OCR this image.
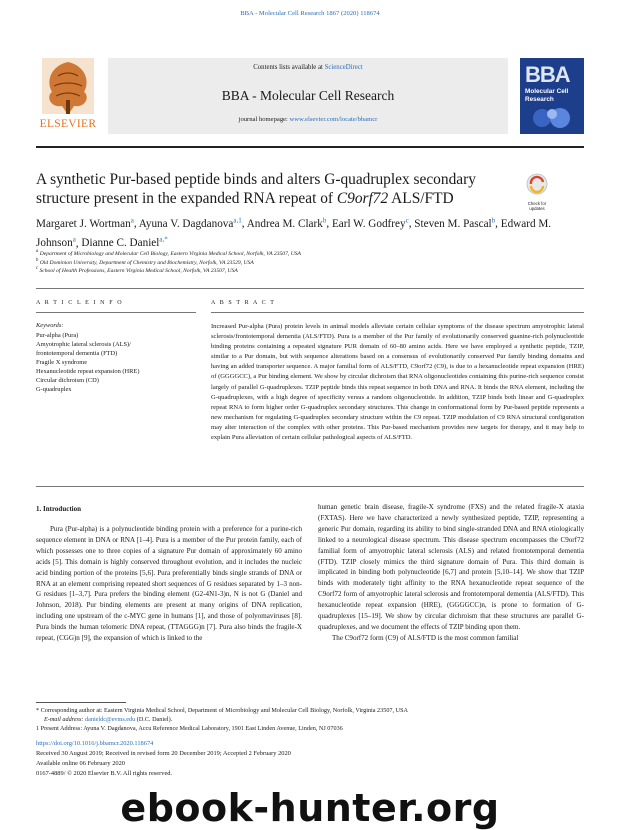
BBA - Molecular Cell Research 1867 (2020) 118674
ELSEVIER
Contents lists available at ScienceDirect
BBA - Molecular Cell Research
journal homepage: www.elsevier.com/locate/bbamcr
BBA
Molecular Cell Research
A synthetic Pur-based peptide binds and alters G-quadruplex secondary structure present in the expanded RNA repeat of C9orf72 ALS/FTD	Check for updates
Margaret J. Wortman$^a$, Ayuna V. Dagdanova$^{a,1}$, Andrea M. Clark$^b$, Earl W. Godfrey$^c$, Steven M. Pascal$^b$, Edward M. Johnson$^a$, Dianne C. Daniel$^{a,*}$
$^a$ Department of Microbiology and Molecular Cell Biology, Eastern Virginia Medical School, Norfolk, VA 23507, USA
$^b$ Old Dominion University, Department of Chemistry and Biochemistry, Norfolk, VA 23529, USA
$^c$ School of Health Professions, Eastern Virginia Medical School, Norfolk, VA 23507, USA
A R T I C L E I N F O	A B S T R A C T
Keywords:
Pur-alpha (Pura)
Amyotrophic lateral sclerosis (ALS)/
frontotemporal dementia (FTD)
Fragile X syndrome
Hexanucleotide repeat expansion (HRE)
Circular dichroism (CD)
G-quadruplex
Increased Pur-alpha (Pura) protein levels in animal models alleviate certain cellular symptoms of the disease spectrum amyotrophic lateral sclerosis/frontotemporal dementia (ALS/FTD). Pura is a member of the Pur family of evolutionarily conserved guanine-rich polynucleotide binding proteins containing a repeated signature PUR domain of 60–80 amino acids. Here we have employed a synthetic peptide, TZIP, similar to a Pur domain, but with sequence alterations based on a consensus of evolutionarily conserved Pur family binding domains and having an added transporter sequence. A major familial form of ALS/FTD, C9orf72 (C9), is due to a hexanucleotide repeat expansion (HRE) of (GGGGCC), a Pur binding element. We show by circular dichroism that RNA oligonucleotides containing this purine-rich sequence consist largely of parallel G-quadruplexes. TZIP peptide binds this repeat sequence in both DNA and RNA. It binds the RNA element, including the G-quadruplexes, with a high degree of specificity versus a random oligonucleotide. In addition, TZIP binds both linear and G-quadruplex repeat RNA to form higher order G-quadruplex secondary structures. This change in conformational form by Pur-based peptide represents a new mechanism for regulating G-quadruplex secondary structure within the C9 repeat. TZIP modulation of C9 RNA structural configuration may alter interaction of the complex with other proteins. This Pur-based mechanism provides new targets for therapy, and it may help to explain Pura alleviation of certain cellular pathological aspects of ALS/FTD.
1. Introduction

Pura (Pur-alpha) is a polynucleotide binding protein with a preference for a purine-rich sequence element in DNA or RNA [1–4]. Pura is a member of the Pur protein family, each of which possesses one to three copies of a signature Pur domain of approximately 60 amino acids [5]. This domain is highly conserved throughout evolution, and it includes the nucleic acid binding portion of the proteins [5,6]. Pura preferentially binds single strands of DNA or RNA at an element comprising repeated short sequences of G residues separated by 1–3 non-G residues [1–3,7]. Pura prefers the binding element (G2-4N1-3)n, N is not G (Daniel and Johnson, 2018). Pur binding elements are present at many origins of DNA replication, including one upstream of the c-MYC gene in humans [1], and those of polyomaviruses [8]. Pura binds the human telomeric DNA repeat, (TTAGGG)n [7]. Pura also binds the fragile-X repeat, (CGG)n [9], the expansion of which is linked to the

human genetic brain disease, fragile-X syndrome (FXS) and the related fragile-X ataxia (FXTAS). Here we have characterized a newly synthesized peptide, TZIP, representing a generic Pur domain, regarding its ability to bind single-stranded DNA and RNA etiologically linked to a neurological disease spectrum. This disease spectrum encompasses the C9orf72 familial form of amyotrophic lateral sclerosis (ALS) and related frontotemporal dementia (FTD). TZIP closely mimics the third signature domain of Pura. This third domain is implicated in binding both polynucleotide [6,7] and protein [5,10–14]. We show that TZIP binds with moderately tight affinity to the RNA hexanucleotide repeat sequence of the C9orf72 form of amyotrophic lateral sclerosis and frontotemporal dementia (ALS/FTD). This hexanucleotide repeat expansion (HRE), (GGGGCC)n, is prone to formation of G-quadruplexes [15–19]. We show by circular dichroism that these structures are parallel G-quadruplexes, and we document the effects of TZIP binding upon them.

The C9orf72 form (C9) of ALS/FTD is the most common familial

* Corresponding author at: Eastern Virginia Medical School, Department of Microbiology and Molecular Cell Biology, Norfolk, Virginia 23507, USA
E-mail address: danieldc@evms.edu (D.C. Daniel).
1 Present Address: Ayuna V. Dagdanova, Accu Reference Medical Laboratory, 1901 East Linden Avenue, Linden, NJ 07036
https://doi.org/10.1016/j.bbamcr.2020.118674
Received 30 August 2019; Received in revised form 20 December 2019; Accepted 2 February 2020
Available online 06 February 2020
0167-4889/ © 2020 Elsevier B.V. All rights reserved.
ebook-hunter.org
